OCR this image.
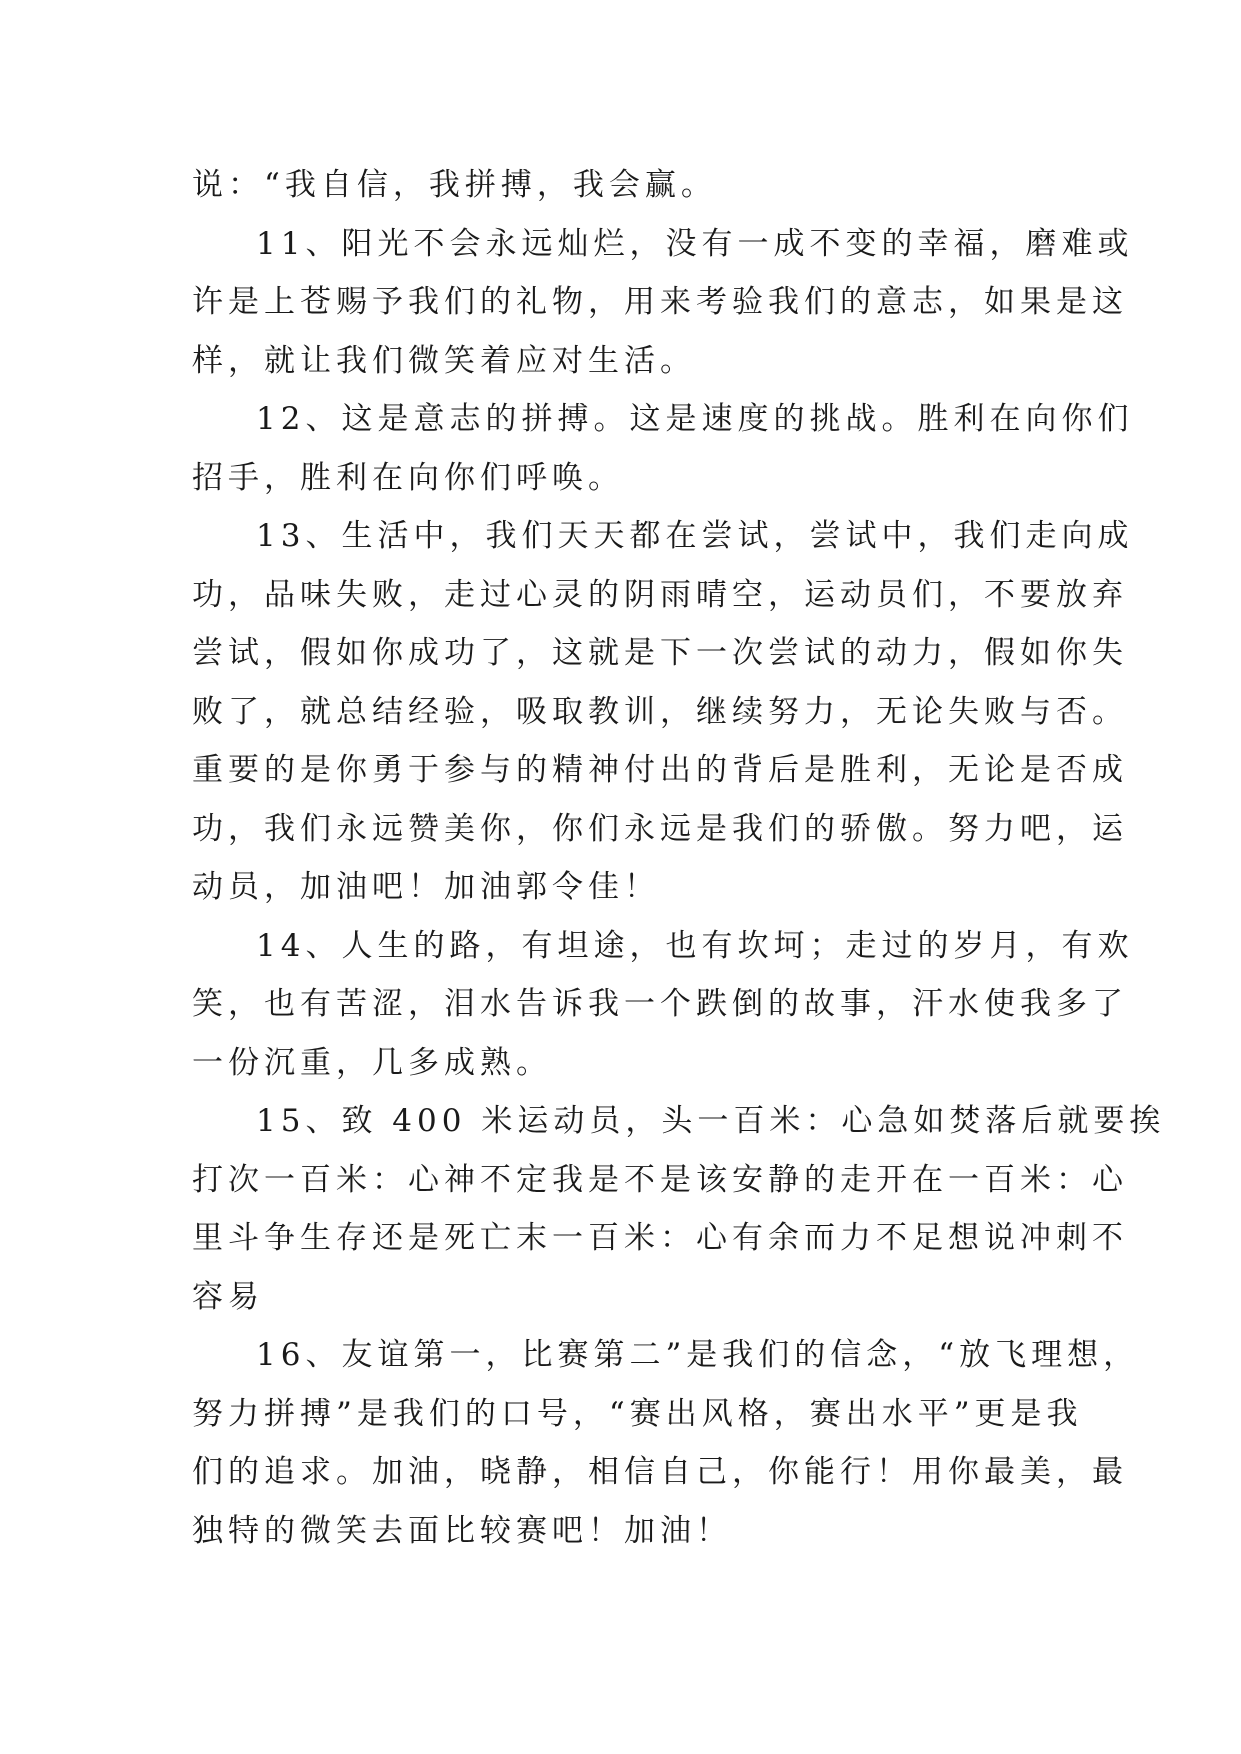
说：“我自信，我拼搏，我会赢。

11、阳光不会永远灿烂，没有一成不变的幸福，磨难或
许是上苍赐予我们的礼物，用来考验我们的意志，如果是这
样，就让我们微笑着应对生活。

12、这是意志的拼搏。这是速度的挑战。胜利在向你们
招手，胜利在向你们呼唤。

13、生活中，我们天天都在尝试，尝试中，我们走向成
功，品味失败，走过心灵的阴雨晴空，运动员们，不要放弃
尝试，假如你成功了，这就是下一次尝试的动力，假如你失
败了，就总结经验，吸取教训，继续努力，无论失败与否。
重要的是你勇于参与的精神付出的背后是胜利，无论是否成
功，我们永远赞美你，你们永远是我们的骄傲。努力吧，运
动员，加油吧！加油郭令佳！

14、人生的路，有坦途，也有坎坷；走过的岁月，有欢
笑，也有苦涩，泪水告诉我一个跌倒的故事，汗水使我多了
一份沉重，几多成熟。

15、致 400 米运动员，头一百米：心急如焚落后就要挨
打次一百米：心神不定我是不是该安静的走开在一百米：心
里斗争生存还是死亡末一百米：心有余而力不足想说冲刺不
容易

16、友谊第一，比赛第二”是我们的信念，“放飞理想，
努力拼搏”是我们的口号，“赛出风格，赛出水平”更是我
们的追求。加油，晓静，相信自己，你能行！用你最美，最
独特的微笑去面比较赛吧！加油！
